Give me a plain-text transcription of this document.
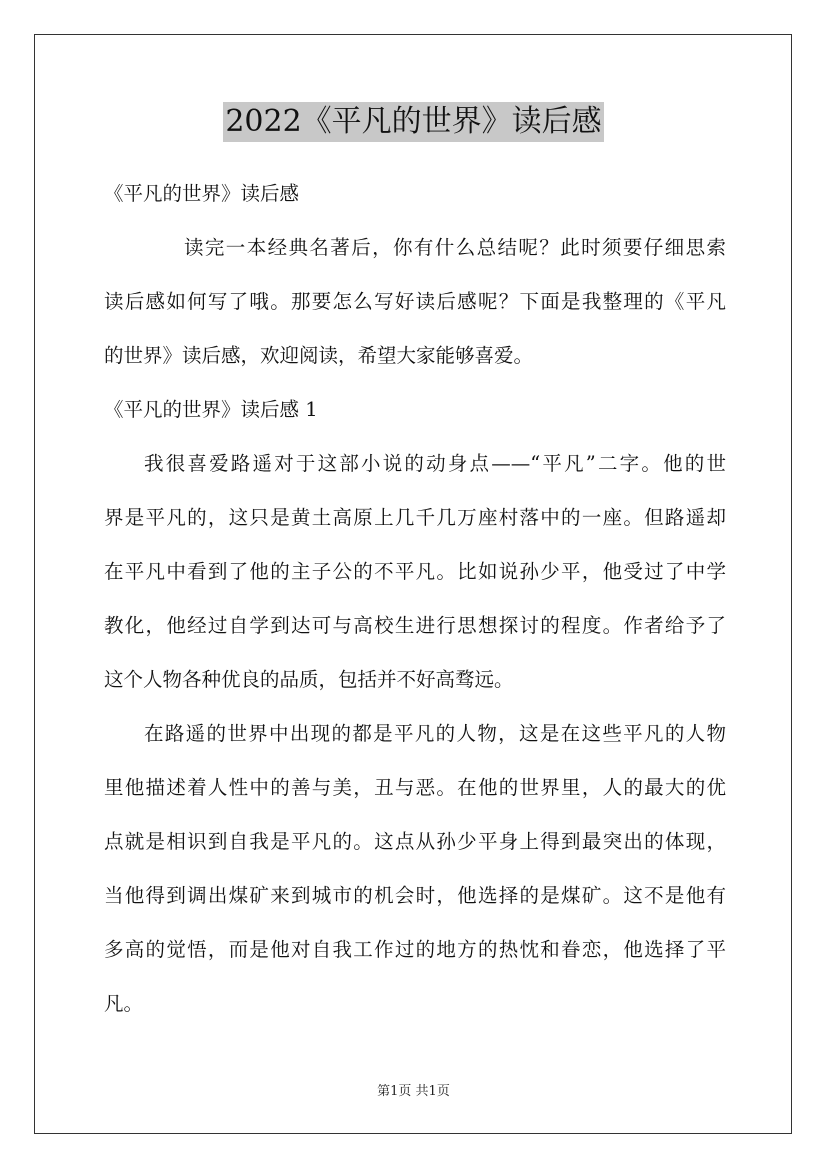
2022《平凡的世界》读后感
《平凡的世界》读后感
读完一本经典名著后，你有什么总结呢？此时须要仔细思索
读后感如何写了哦。那要怎么写好读后感呢？下面是我整理的《平凡
的世界》读后感，欢迎阅读，希望大家能够喜爱。
《平凡的世界》读后感 1
我很喜爱路遥对于这部小说的动身点——“平凡”二字。他的世
界是平凡的，这只是黄土高原上几千几万座村落中的一座。但路遥却
在平凡中看到了他的主子公的不平凡。比如说孙少平，他受过了中学
教化，他经过自学到达可与高校生进行思想探讨的程度。作者给予了
这个人物各种优良的品质，包括并不好高骛远。
在路遥的世界中出现的都是平凡的人物，这是在这些平凡的人物
里他描述着人性中的善与美，丑与恶。在他的世界里，人的最大的优
点就是相识到自我是平凡的。这点从孙少平身上得到最突出的体现，
当他得到调出煤矿来到城市的机会时，他选择的是煤矿。这不是他有
多高的觉悟，而是他对自我工作过的地方的热忱和眷恋，他选择了平
凡。
第1页 共1页
